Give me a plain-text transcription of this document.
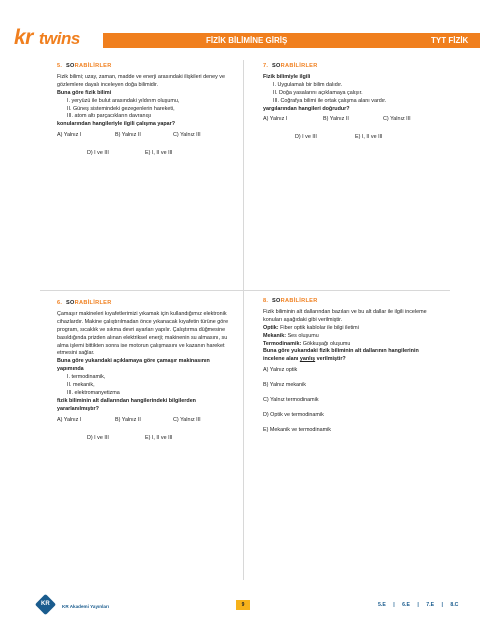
kr twins	FİZİK BİLİMİNE GİRİŞ	TYT FİZİK
5. SORABİLİRLER
Fizik bilimi; uzay, zaman, madde ve enerji arasındaki ilişkileri deney ve gözlemlere dayalı inceleyen doğa bilimidir.
Buna göre fizik bilimi
I. yeryüzü ile bulut arasındaki yıldırım oluşumu,
II. Güneş sistemindeki gezegenlerin hareketi,
III. atom altı parçacıkların davranışı
konularından hangileriyle ilgili çalışma yapar?
A) Yalnız I	B) Yalnız II	C) Yalnız III
D) I ve III	E) I, II ve III
7. SORABİLİRLER
Fizik bilimiyle ilgili
I. Uygulamalı bir bilim dalıdır.
II. Doğa yasalarını açıklamaya çalışır.
III. Coğrafya bilimi ile ortak çalışma alanı vardır.
yargılarından hangileri doğrudur?
A) Yalnız I	B) Yalnız II	C) Yalnız III
D) I ve III	E) I, II ve III
6. SORABİLİRLER
Çamaşır makineleri kıyafetlerimizi yıkamak için kullandığımız elektronik cihazlardır. Makine çalıştırılmadan önce yıkanacak kıyafetin türüne göre program, sıcaklık ve sıkma devri ayarları yapılır. Çalıştırma düğmesine basıldığında prizden alınan elektriksel enerji; makinenin su almasını, su alma işlemi bittikten sonra ise motorun çalışmasını ve kazanın hareket etmesini sağlar.
Buna göre yukarıdaki açıklamaya göre çamaşır makinasının yapımında
I. termodinamik,
II. mekanik,
III. elektromanyetizma
fizik biliminin alt dallarından hangilerindeki bilgilerden yararlanılmıştır?
A) Yalnız I	B) Yalnız II	C) Yalnız III
D) I ve III	E) I, II ve III
8. SORABİLİRLER
Fizik biliminin alt dallarından bazıları ve bu alt dallar ile ilgili inceleme konuları aşağıdaki gibi verilmiştir.
Optik: Fiber optik kablolar ile bilgi iletimi
Mekanik: Ses oluşumu
Termodinamik: Gökkuşağı oluşumu
Buna göre yukarıdaki fizik biliminin alt dallarının hangilerinin incelene alanı yanlış verilmiştir?
A) Yalnız optik
B) Yalnız mekanik
C) Yalnız termodinamik
D) Optik ve termodinamik
E) Mekanik ve termodinamik
KR	KR Akademi Yayınları	9	5.E | 6.E | 7.E | 8.C
